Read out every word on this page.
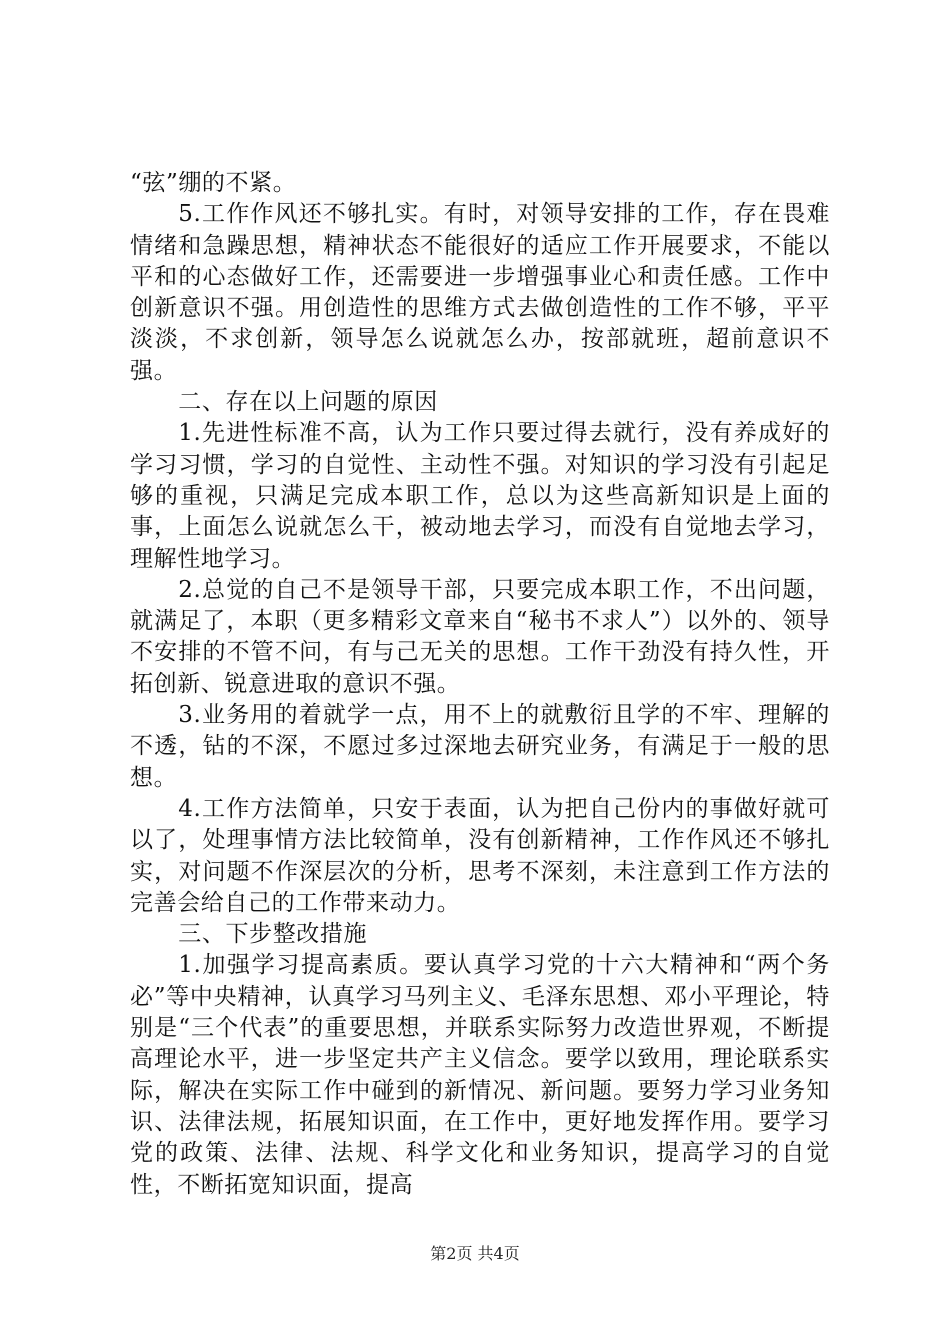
“弦”绷的不紧。

5.工作作风还不够扎实。有时，对领导安排的工作，存在畏难情绪和急躁思想，精神状态不能很好的适应工作开展要求，不能以平和的心态做好工作，还需要进一步增强事业心和责任感。工作中创新意识不强。用创造性的思维方式去做创造性的工作不够，平平淡淡，不求创新，领导怎么说就怎么办，按部就班，超前意识不强。

二、存在以上问题的原因

1.先进性标准不高，认为工作只要过得去就行，没有养成好的学习习惯，学习的自觉性、主动性不强。对知识的学习没有引起足够的重视，只满足完成本职工作，总以为这些高新知识是上面的事，上面怎么说就怎么干，被动地去学习，而没有自觉地去学习，理解性地学习。

2.总觉的自己不是领导干部，只要完成本职工作，不出问题，就满足了，本职（更多精彩文章来自“秘书不求人”）以外的、领导不安排的不管不问，有与己无关的思想。工作干劲没有持久性，开拓创新、锐意进取的意识不强。

3.业务用的着就学一点，用不上的就敷衍且学的不牢、理解的不透，钻的不深，不愿过多过深地去研究业务，有满足于一般的思想。

4.工作方法简单，只安于表面，认为把自己份内的事做好就可以了，处理事情方法比较简单，没有创新精神，工作作风还不够扎实，对问题不作深层次的分析，思考不深刻，未注意到工作方法的完善会给自己的工作带来动力。

三、下步整改措施

1.加强学习提高素质。要认真学习党的十六大精神和“两个务必”等中央精神，认真学习马列主义、毛泽东思想、邓小平理论，特别是“三个代表”的重要思想，并联系实际努力改造世界观，不断提高理论水平，进一步坚定共产主义信念。要学以致用，理论联系实际，解决在实际工作中碰到的新情况、新问题。要努力学习业务知识、法律法规，拓展知识面，在工作中，更好地发挥作用。要学习党的政策、法律、法规、科学文化和业务知识，提高学习的自觉性，不断拓宽知识面，提高

第2页 共4页
